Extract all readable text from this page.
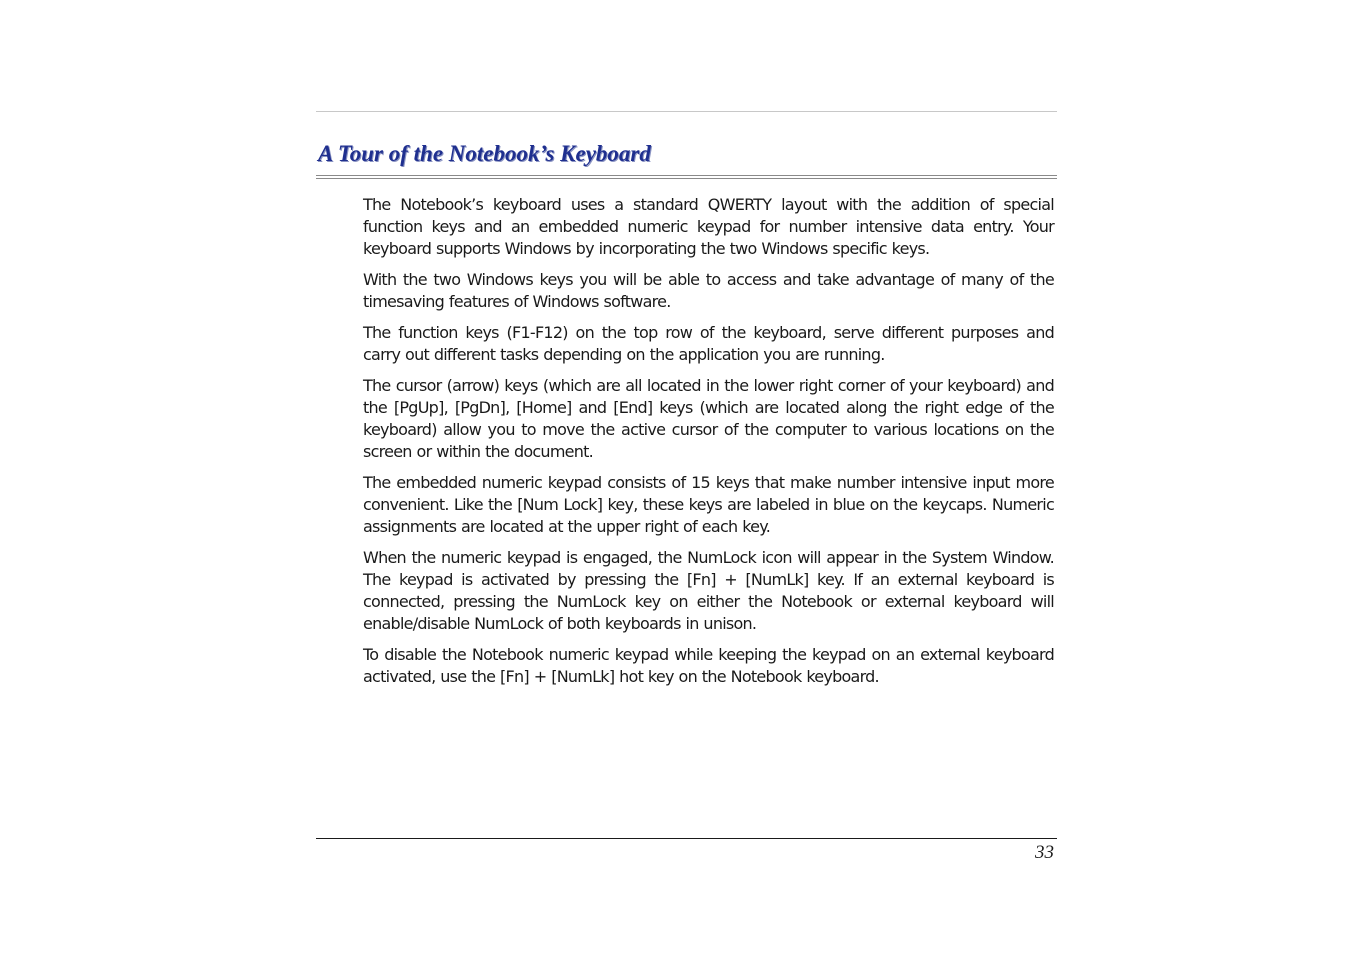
A Tour of the Notebook’s Keyboard

The Notebook’s keyboard uses a standard QWERTY layout with the addition of special function keys and an embedded numeric keypad for number intensive data entry. Your keyboard supports Windows by incorporating the two Windows specific keys.

With the two Windows keys you will be able to access and take advantage of many of the timesaving features of Windows software.

The function keys (F1-F12) on the top row of the keyboard, serve different purposes and carry out different tasks depending on the application you are running.

The cursor (arrow) keys (which are all located in the lower right corner of your keyboard) and the [PgUp], [PgDn], [Home] and [End] keys (which are located along the right edge of the keyboard) allow you to move the active cursor of the computer to various locations on the screen or within the document.

The embedded numeric keypad consists of 15 keys that make number intensive input more convenient. Like the [Num Lock] key, these keys are labeled in blue on the keycaps. Numeric assignments are located at the upper right of each key.

When the numeric keypad is engaged, the NumLock icon will appear in the System Window. The keypad is activated by pressing the [Fn] + [NumLk] key. If an external keyboard is connected, pressing the NumLock key on either the Notebook or external keyboard will enable/disable NumLock of both keyboards in unison.

To disable the Notebook numeric keypad while keeping the keypad on an external keyboard activated, use the [Fn] + [NumLk] hot key on the Notebook keyboard.

33
